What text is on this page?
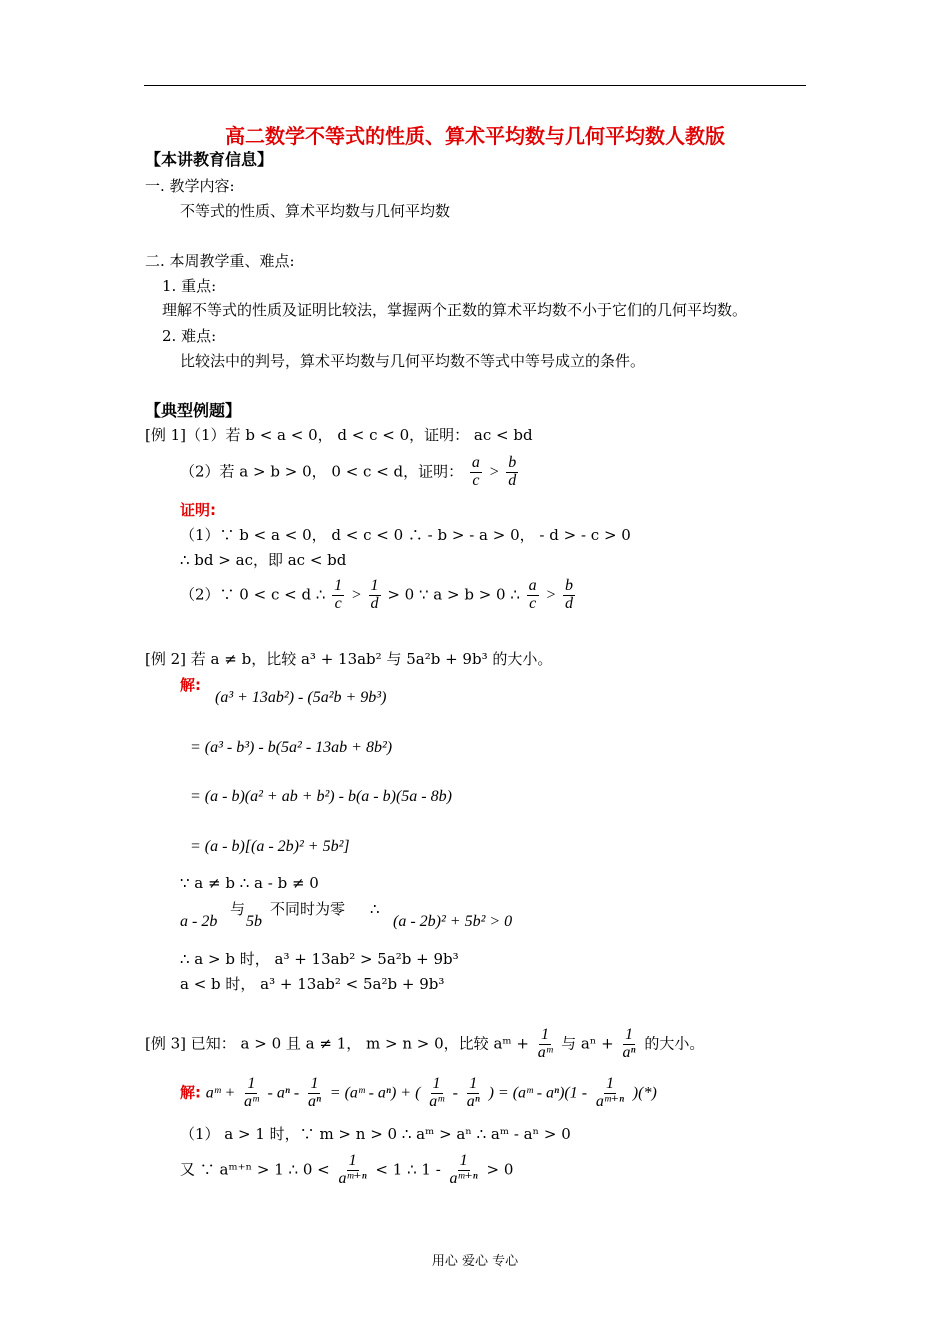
高二数学不等式的性质、算术平均数与几何平均数人教版
【本讲教育信息】
一. 教学内容:
不等式的性质、算术平均数与几何平均数
二. 本周教学重、难点:
1. 重点:
理解不等式的性质及证明比较法，掌握两个正数的算术平均数不小于它们的几何平均数。
2. 难点:
比较法中的判号，算术平均数与几何平均数不等式中等号成立的条件。
【典型例题】
[例 1]（1）若 b < a < 0， d < c < 0，证明： ac < bd
（2）若 a > b > 0， 0 < c < d，证明： $\frac{a}{c} > \frac{b}{d}$
证明:
（1）∵ b < a < 0， d < c < 0 ∴ - b > - a > 0， - d > - c > 0
∴ bd > ac，即 ac < bd
（2）∵ 0 < c < d ∴ $\frac{1}{c} > \frac{1}{d} > 0$ ∵ a > b > 0 ∴ $\frac{a}{c} > \frac{b}{d}$
[例 2] 若 a ≠ b，比较 a³ + 13ab² 与 5a²b + 9b³ 的大小。
解:
(a³ + 13ab²) - (5a²b + 9b³)
= (a³ - b³) - b(5a² - 13ab + 8b²)
= (a - b)(a² + ab + b²) - b(a - b)(5a - 8b)
= (a - b)[(a - 2b)² + 5b²]
∵ a ≠ b ∴ a - b ≠ 0
a - 2b
与
5b
不同时为零 ∴
(a - 2b)² + 5b² > 0
∴ a > b 时， a³ + 13ab² > 5a²b + 9b³
a < b 时， a³ + 13ab² < 5a²b + 9b³
[例 3] 已知： a > 0 且 a ≠ 1， m > n > 0，比较 aᵐ + $\frac{1}{\text{aᵐ}}$ 与 $a^n + \frac{1}{\text{aⁿ}}$ 的大小。
解: aᵐ + $\frac{1}{\text{aᵐ}}$ - aⁿ - $\frac{1}{\text{aⁿ}}$ = (aᵐ - aⁿ) + ( $\frac{1}{\text{aᵐ}} - \frac{1}{\text{aⁿ}}$ ) = (aᵐ - $a^n)(1 - \frac{1}{\text{aᵐ⁺ⁿ}}$ )(*)
（1） a > 1 时，∵ m > n > 0 ∴ aᵐ > aⁿ ∴ aᵐ - aⁿ > 0
又 ∵ aᵐ⁺ⁿ > 1 ∴ $0 < \frac{1}{\text{aᵐ⁺ⁿ}} < 1$ ∴ $1 - \frac{1}{\text{aᵐ⁺ⁿ}} > 0$
用心 爱心 专心
